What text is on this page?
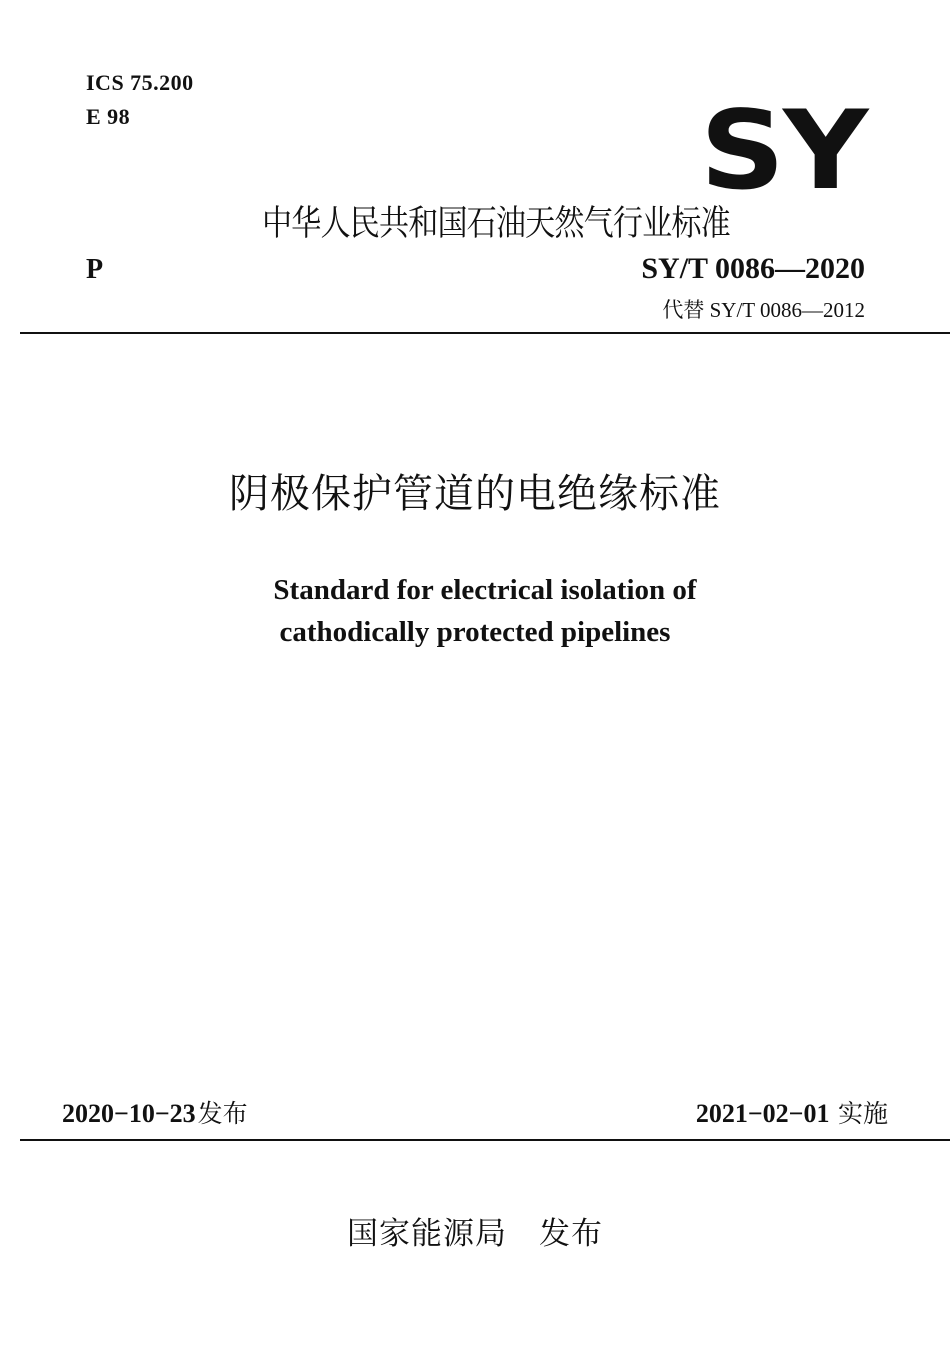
ICS 75.200
E 98	SY
中华人民共和国石油天然气行业标准
P	SY/T 0086—2020
代替 SY/T 0086—2012
阴极保护管道的电绝缘标准
Standard for electrical isolation of
cathodically protected pipelines
2020−10−23发布	2021−02−01 实施
国家能源局　发布
